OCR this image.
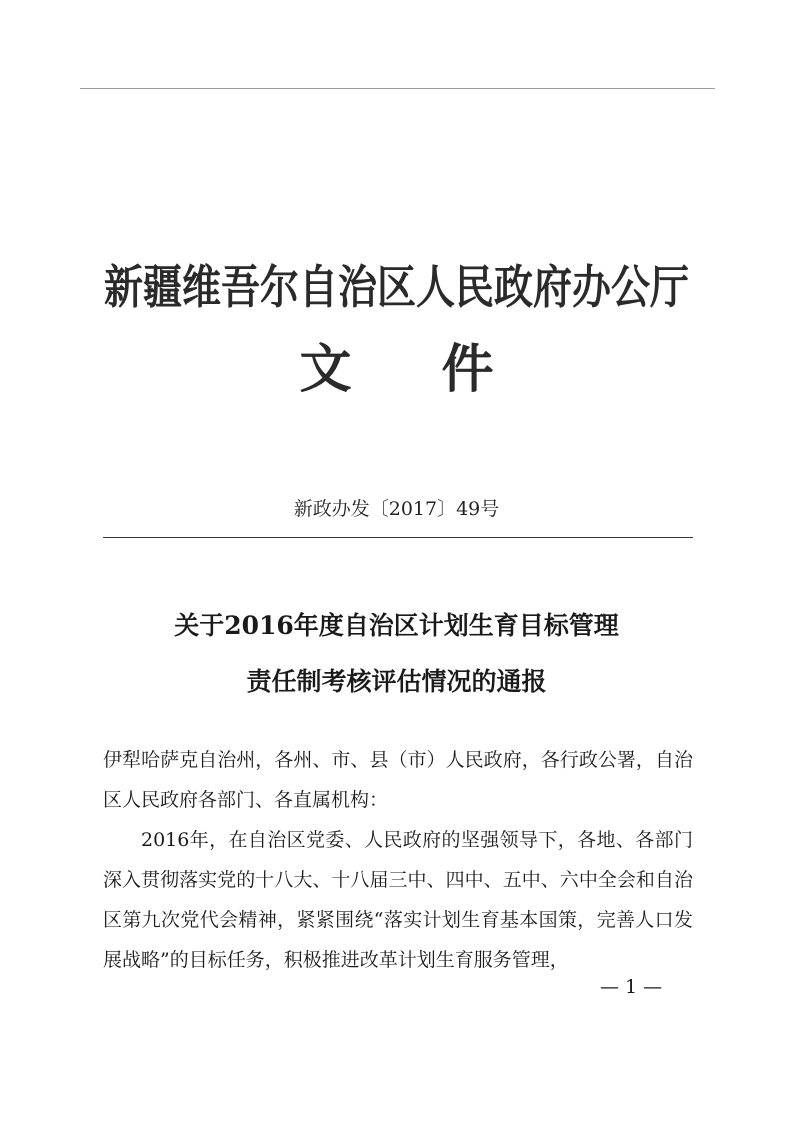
新疆维吾尔自治区人民政府办公厅
文件
新政办发〔2017〕49号
关于2016年度自治区计划生育目标管理
责任制考核评估情况的通报

伊犁哈萨克自治州，各州、市、县（市）人民政府，各行政公署，自治区人民政府各部门、各直属机构：

2016年，在自治区党委、人民政府的坚强领导下，各地、各部门深入贯彻落实党的十八大、十八届三中、四中、五中、六中全会和自治区第九次党代会精神，紧紧围绕“落实计划生育基本国策，完善人口发展战略”的目标任务，积极推进改革计划生育服务管理，

— 1 —
